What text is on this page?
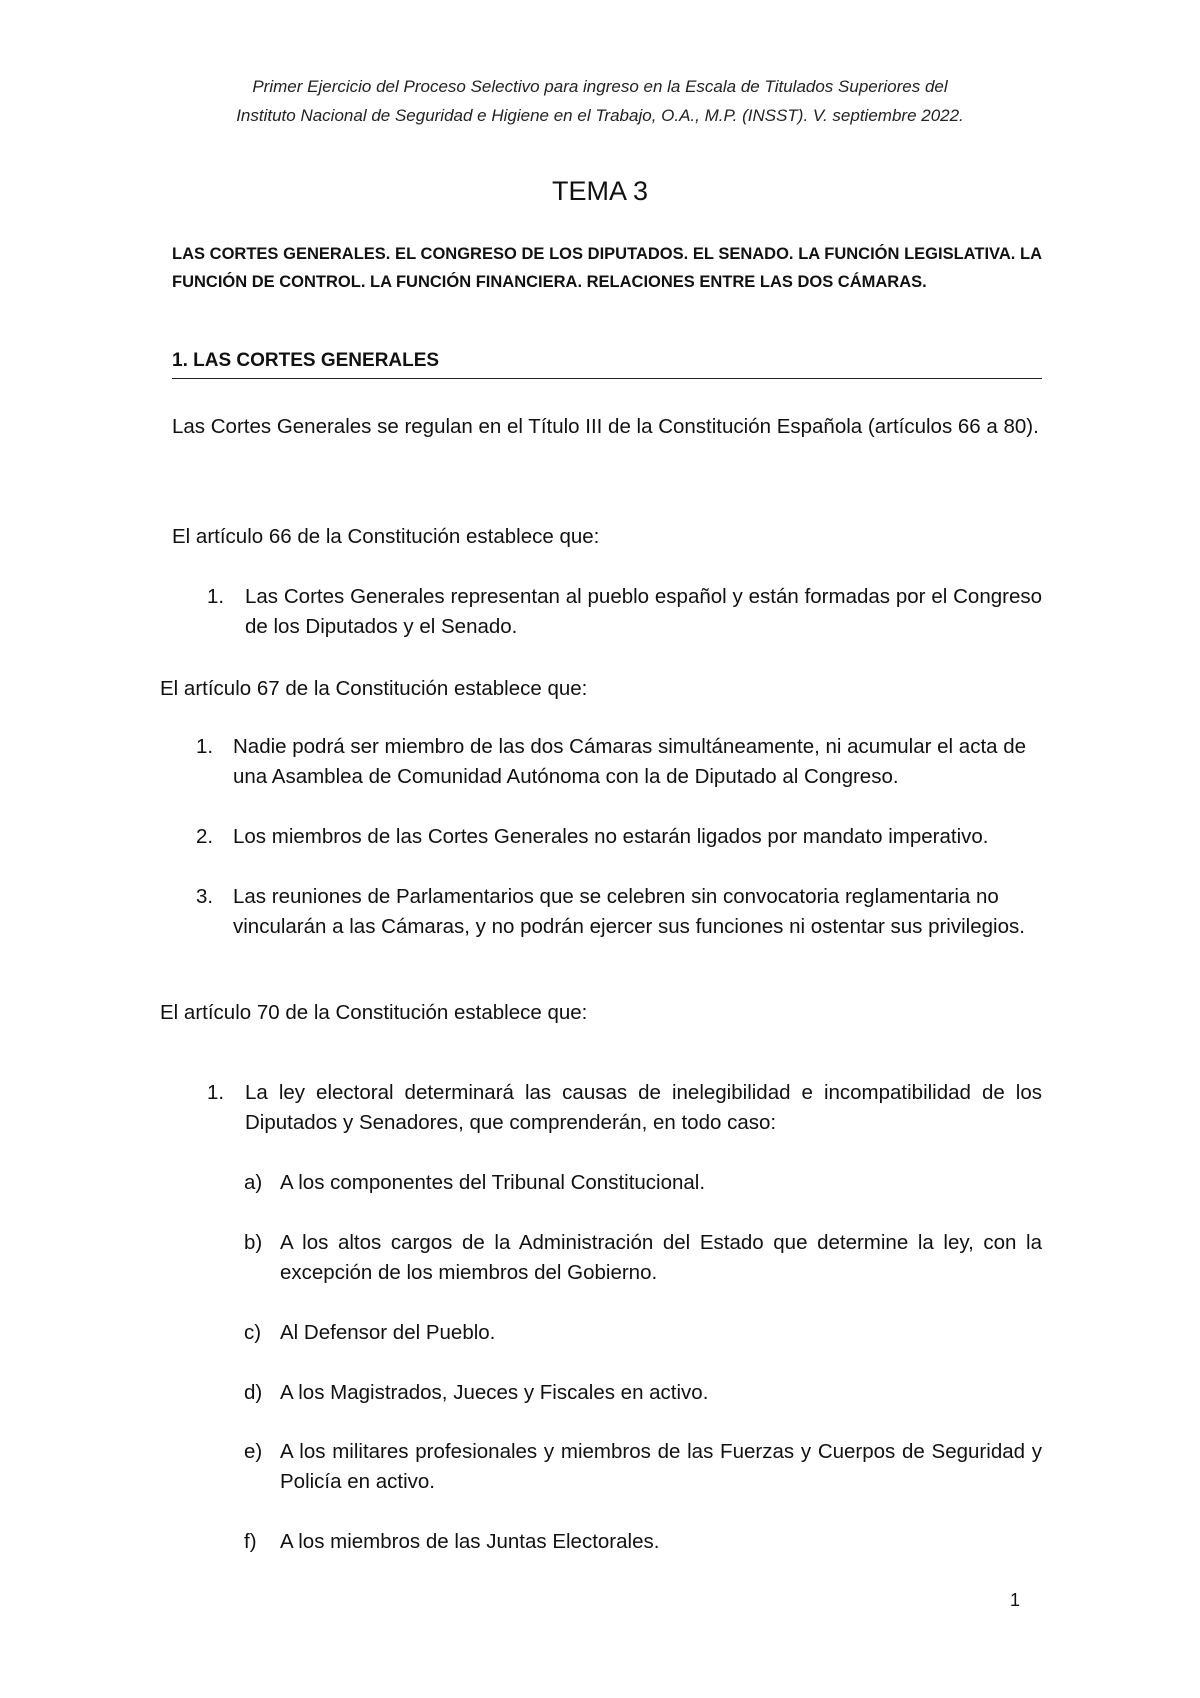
Primer Ejercicio del Proceso Selectivo para ingreso en la Escala de Titulados Superiores del
Instituto Nacional de Seguridad e Higiene en el Trabajo, O.A., M.P. (INSST). V. septiembre 2022.
TEMA 3
LAS CORTES GENERALES. EL CONGRESO DE LOS DIPUTADOS. EL SENADO. LA FUNCIÓN LEGISLATIVA. LA FUNCIÓN DE CONTROL. LA FUNCIÓN FINANCIERA. RELACIONES ENTRE LAS DOS CÁMARAS.
1. LAS CORTES GENERALES
Las Cortes Generales se regulan en el Título III de la Constitución Española (artículos 66 a 80).
El artículo 66 de la Constitución establece que:
1. Las Cortes Generales representan al pueblo español y están formadas por el Congreso de los Diputados y el Senado.
El artículo 67 de la Constitución establece que:
1. Nadie podrá ser miembro de las dos Cámaras simultáneamente, ni acumular el acta de una Asamblea de Comunidad Autónoma con la de Diputado al Congreso.
2. Los miembros de las Cortes Generales no estarán ligados por mandato imperativo.
3. Las reuniones de Parlamentarios que se celebren sin convocatoria reglamentaria no vincularán a las Cámaras, y no podrán ejercer sus funciones ni ostentar sus privilegios.
El artículo 70 de la Constitución establece que:
1. La ley electoral determinará las causas de inelegibilidad e incompatibilidad de los Diputados y Senadores, que comprenderán, en todo caso:
a) A los componentes del Tribunal Constitucional.
b) A los altos cargos de la Administración del Estado que determine la ley, con la excepción de los miembros del Gobierno.
c) Al Defensor del Pueblo.
d) A los Magistrados, Jueces y Fiscales en activo.
e) A los militares profesionales y miembros de las Fuerzas y Cuerpos de Seguridad y Policía en activo.
f) A los miembros de las Juntas Electorales.
1
